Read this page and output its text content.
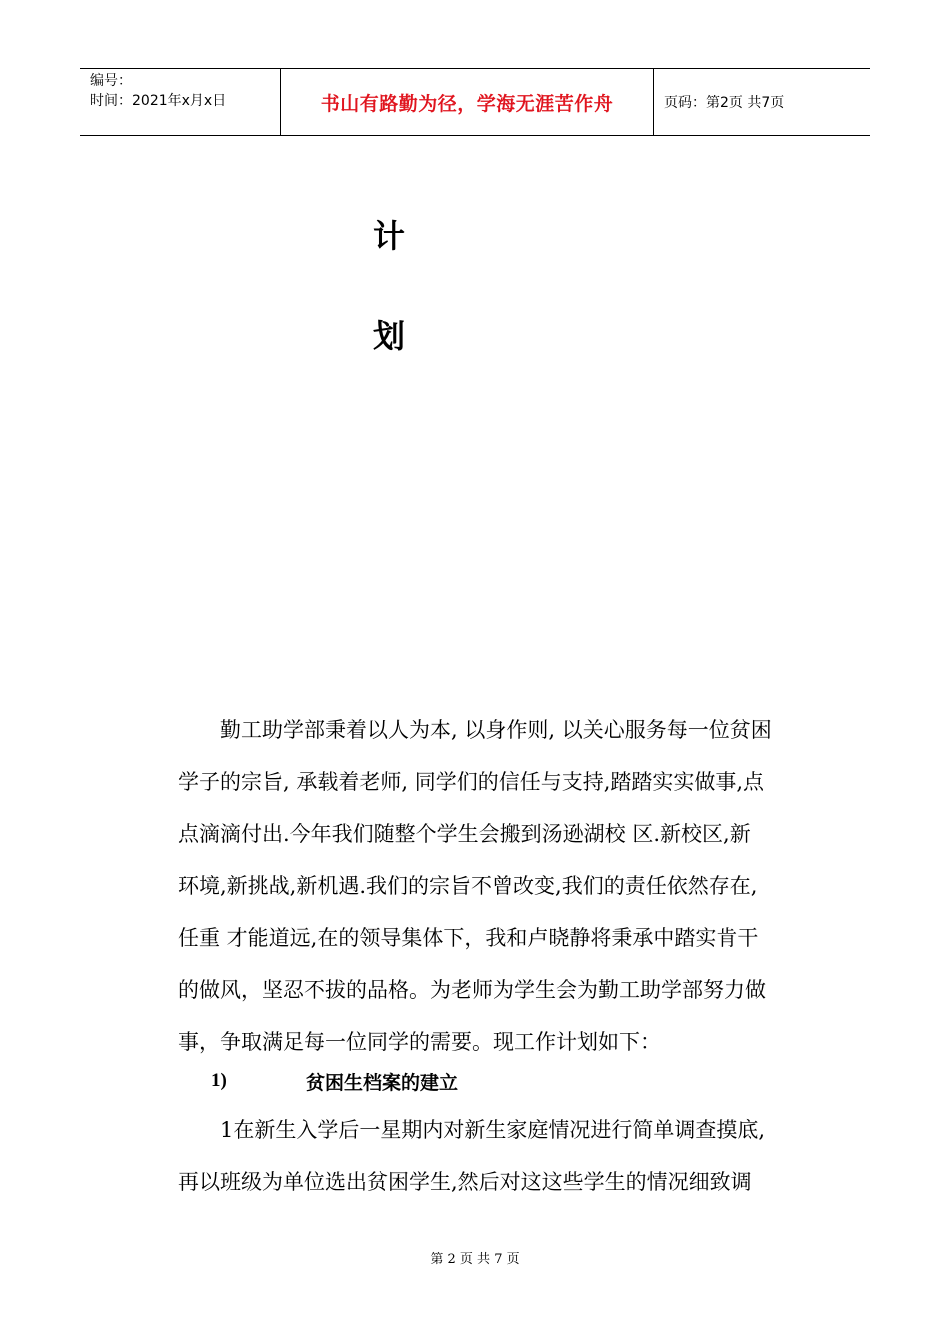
编号：
时间：2021年x月x日	书山有路勤为径，学海无涯苦作舟	页码：第2页 共7页
计
划
　　勤工助学部秉着以人为本, 以身作则, 以关心服务每一位贫困
学子的宗旨, 承载着老师, 同学们的信任与支持,踏踏实实做事,点
点滴滴付出.今年我们随整个学生会搬到汤逊湖校 区.新校区,新
环境,新挑战,新机遇.我们的宗旨不曾改变,我们的责任依然存在,
任重 才能道远,在的领导集体下，我和卢晓静将秉承中踏实肯干
的做风，坚忍不拔的品格。为老师为学生会为勤工助学部努力做
事，争取满足每一位同学的需要。现工作计划如下：
1)	贫困生档案的建立
　　1在新生入学后一星期内对新生家庭情况进行简单调查摸底,
再以班级为单位选出贫困学生,然后对这这些学生的情况细致调
第 2 页 共 7 页
